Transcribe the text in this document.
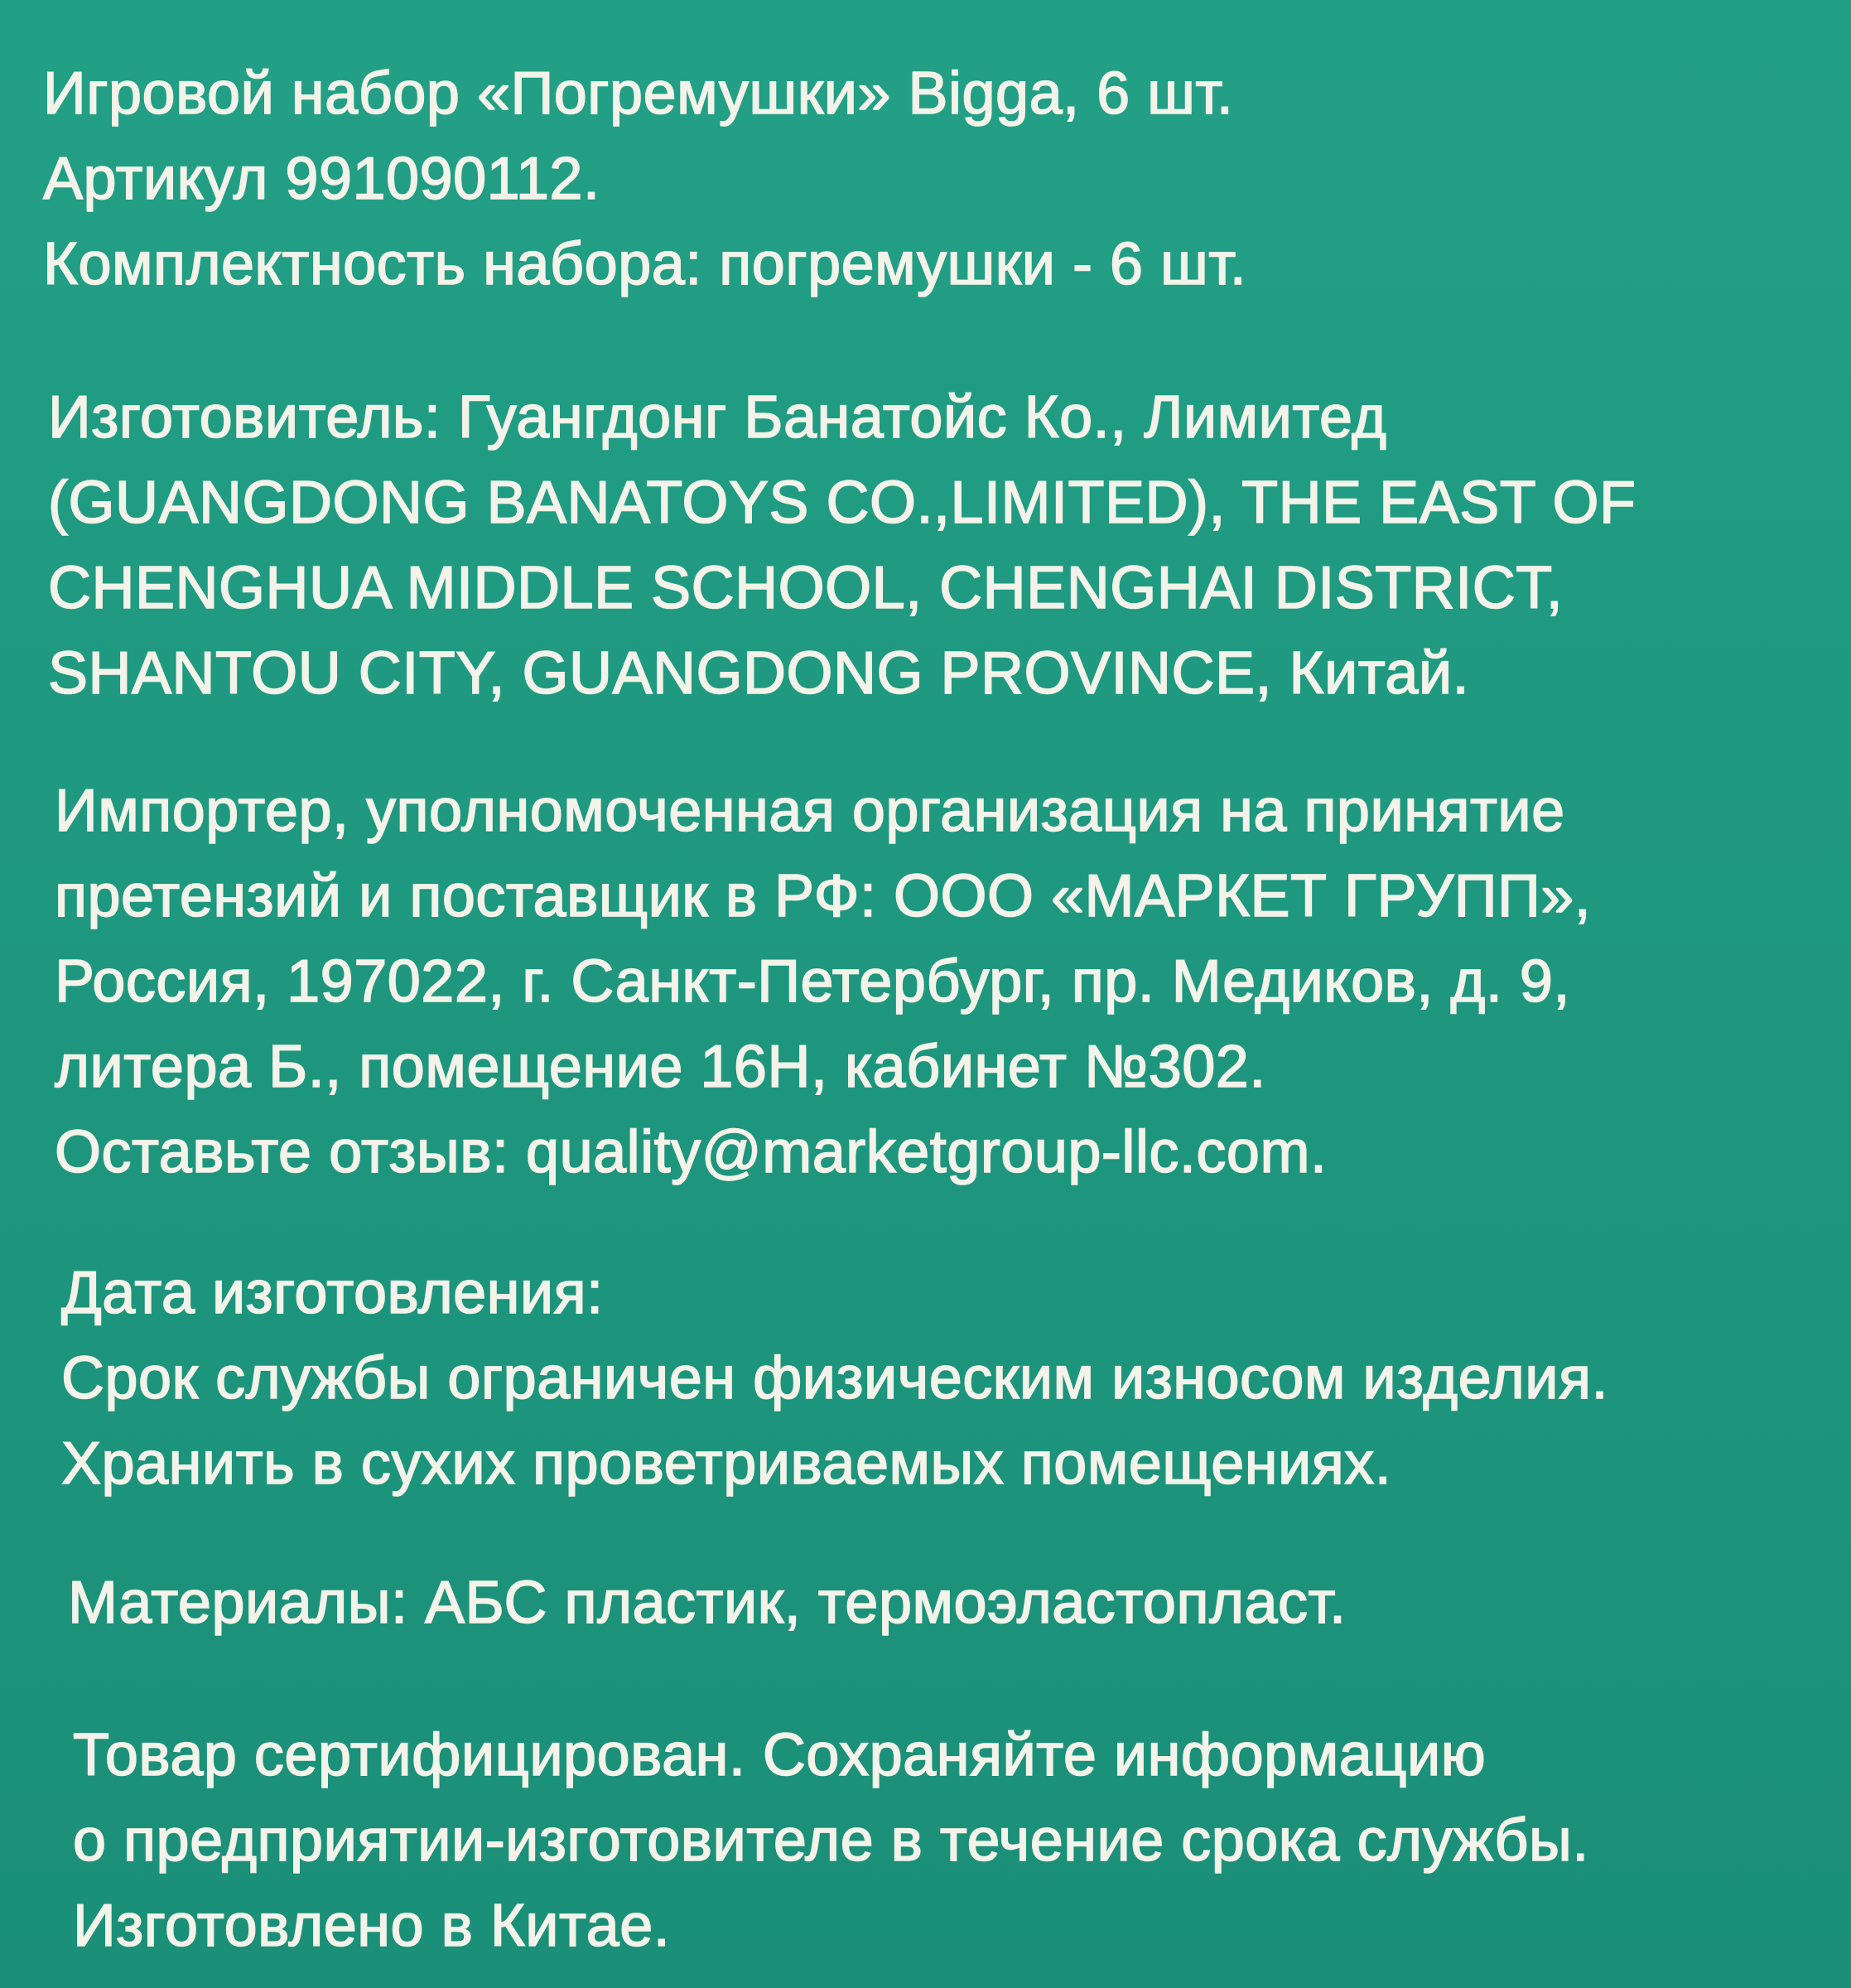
Игровой набор «Погремушки» Bigga, 6 шт.
Артикул 991090112.
Комплектность набора: погремушки - 6 шт.
Изготовитель: Гуангдонг Банатойс Ко., Лимитед
(GUANGDONG BANATOYS CO.,LIMITED), THE EAST OF
CHENGHUA MIDDLE SCHOOL, CHENGHAI DISTRICT,
SHANTOU CITY, GUANGDONG PROVINCE, Китай.
Импортер, уполномоченная организация на принятие
претензий и поставщик в РФ: ООО «МАРКЕТ ГРУПП»,
Россия, 197022, г. Санкт-Петербург, пр. Медиков, д. 9,
литера Б., помещение 16Н, кабинет №302.
Оставьте отзыв: quality@marketgroup-llc.com.
Дата изготовления:
Срок службы ограничен физическим износом изделия.
Хранить в сухих проветриваемых помещениях.
Материалы: АБС пластик, термоэластопласт.
Товар сертифицирован. Сохраняйте информацию
о предприятии-изготовителе в течение срока службы.
Изготовлено в Китае.
